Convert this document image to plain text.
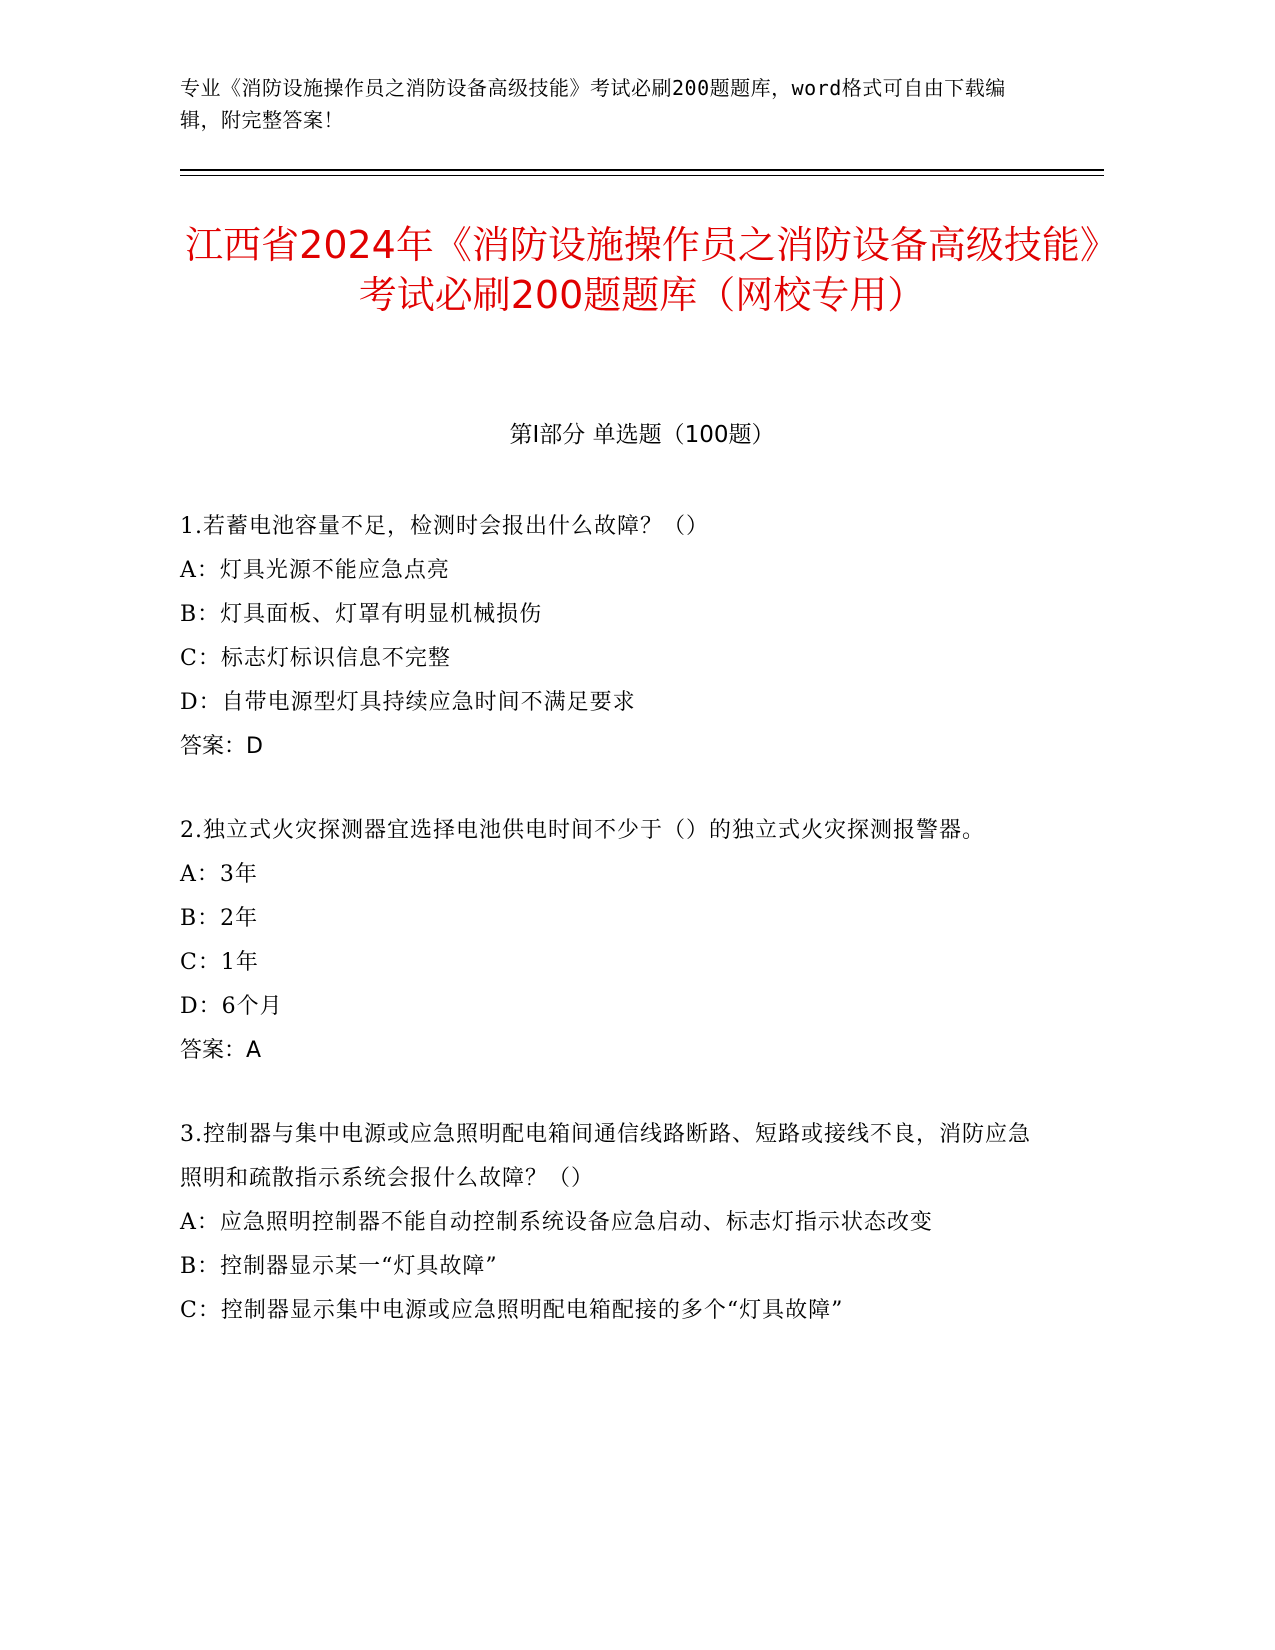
专业《消防设施操作员之消防设备高级技能》考试必刷200题题库，word格式可自由下载编辑，附完整答案！
江西省2024年《消防设施操作员之消防设备高级技能》考试必刷200题题库（网校专用）
第Ⅰ部分 单选题（100题）

1.若蓄电池容量不足，检测时会报出什么故障？（）

A：灯具光源不能应急点亮

B：灯具面板、灯罩有明显机械损伤

C：标志灯标识信息不完整

D：自带电源型灯具持续应急时间不满足要求

答案：D

2.独立式火灾探测器宜选择电池供电时间不少于（）的独立式火灾探测报警器。

A：3年

B：2年

C：1年

D：6个月

答案：A

3.控制器与集中电源或应急照明配电箱间通信线路断路、短路或接线不良，消防应急照明和疏散指示系统会报什么故障？（）

A：应急照明控制器不能自动控制系统设备应急启动、标志灯指示状态改变

B：控制器显示某一“灯具故障”

C：控制器显示集中电源或应急照明配电箱配接的多个“灯具故障”
